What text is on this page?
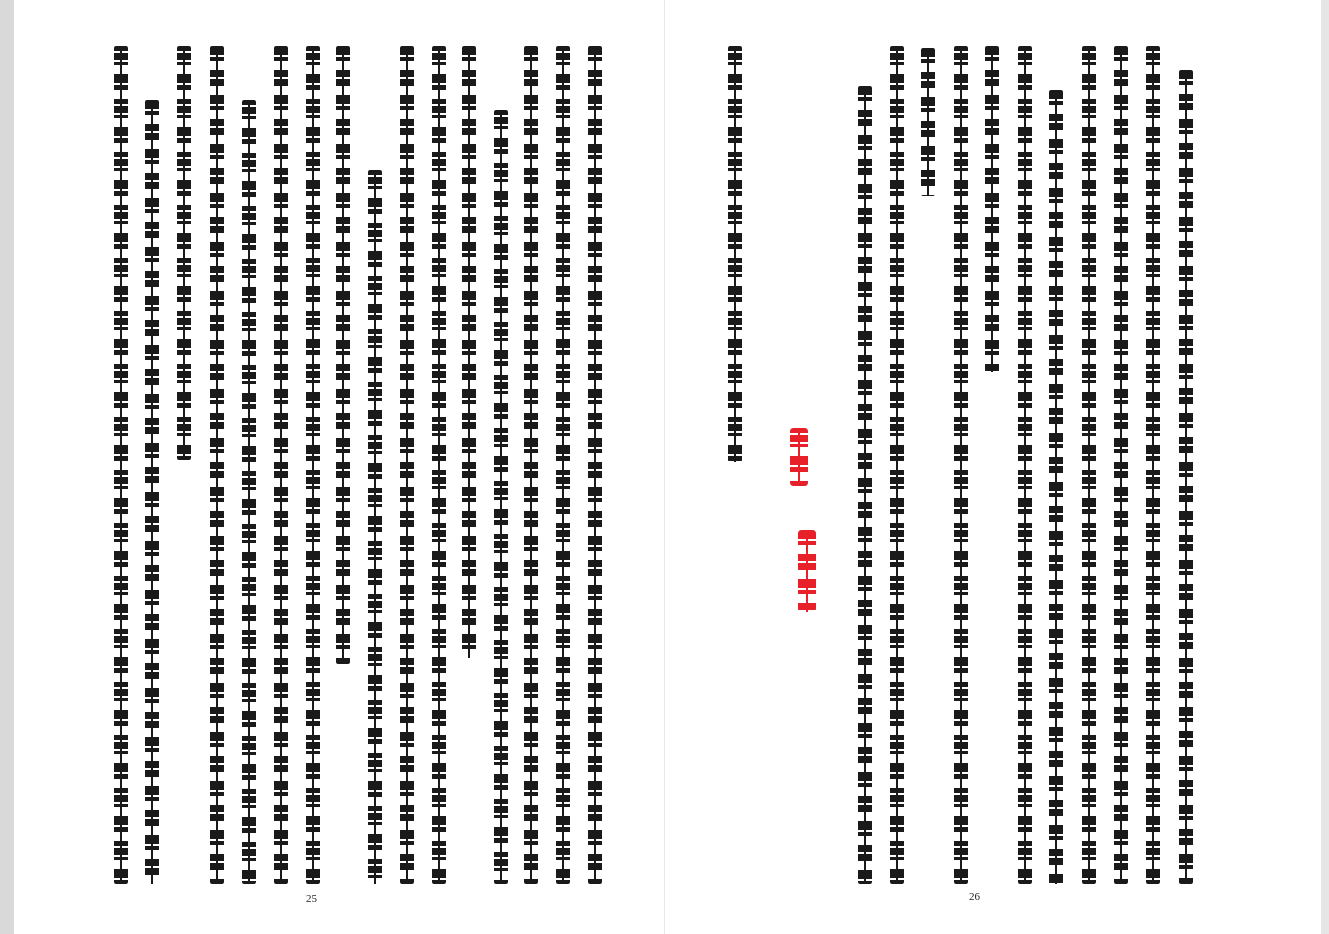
25	26
